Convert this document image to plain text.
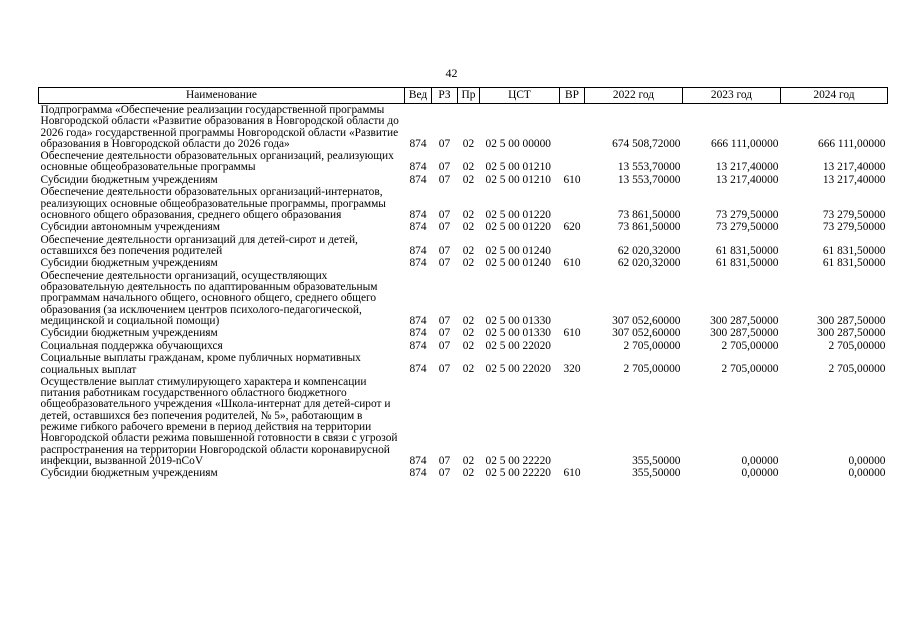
42
Наименование	Вед	РЗ	Пр	ЦСТ	ВР	2022 год	2023 год	2024 год
Подпрограмма «Обеспечение реализации государственной программы Новгородской области «Развитие образования в Новгородской области до 2026 года» государственной программы Новгородской области «Развитие образования в Новгородской области до 2026 года»	874	07	02	02 5 00 00000		674 508,72000	666 111,00000	666 111,00000
Обеспечение деятельности образовательных организаций, реализующих основные общеобразовательные программы	874	07	02	02 5 00 01210		13 553,70000	13 217,40000	13 217,40000
Субсидии бюджетным учреждениям	874	07	02	02 5 00 01210	610	13 553,70000	13 217,40000	13 217,40000
Обеспечение деятельности образовательных организаций-интернатов, реализующих основные общеобразовательные программы, программы основного общего образования, среднего общего образования	874	07	02	02 5 00 01220		73 861,50000	73 279,50000	73 279,50000
Субсидии автономным учреждениям	874	07	02	02 5 00 01220	620	73 861,50000	73 279,50000	73 279,50000
Обеспечение деятельности организаций для детей-сирот и детей, оставшихся без попечения родителей	874	07	02	02 5 00 01240		62 020,32000	61 831,50000	61 831,50000
Субсидии бюджетным учреждениям	874	07	02	02 5 00 01240	610	62 020,32000	61 831,50000	61 831,50000
Обеспечение деятельности организаций, осуществляющих образовательную деятельность по адаптированным образовательным программам начального общего, основного общего, среднего общего образования (за исключением центров психолого-педагогической, медицинской и социальной помощи)	874	07	02	02 5 00 01330		307 052,60000	300 287,50000	300 287,50000
Субсидии бюджетным учреждениям	874	07	02	02 5 00 01330	610	307 052,60000	300 287,50000	300 287,50000
Социальная поддержка обучающихся	874	07	02	02 5 00 22020		2 705,00000	2 705,00000	2 705,00000
Социальные выплаты гражданам, кроме публичных нормативных социальных выплат	874	07	02	02 5 00 22020	320	2 705,00000	2 705,00000	2 705,00000
Осуществление выплат стимулирующего характера и компенсации питания работникам государственного областного бюджетного общеобразовательного учреждения «Школа-интернат для детей-сирот и детей, оставшихся без попечения родителей, № 5», работающим в режиме гибкого рабочего времени в период действия на территории Новгородской области режима повышенной готовности в связи с угрозой распространения на территории Новгородской области коронавирусной инфекции, вызванной 2019-nCoV	874	07	02	02 5 00 22220		355,50000	0,00000	0,00000
Субсидии бюджетным учреждениям	874	07	02	02 5 00 22220	610	355,50000	0,00000	0,00000
